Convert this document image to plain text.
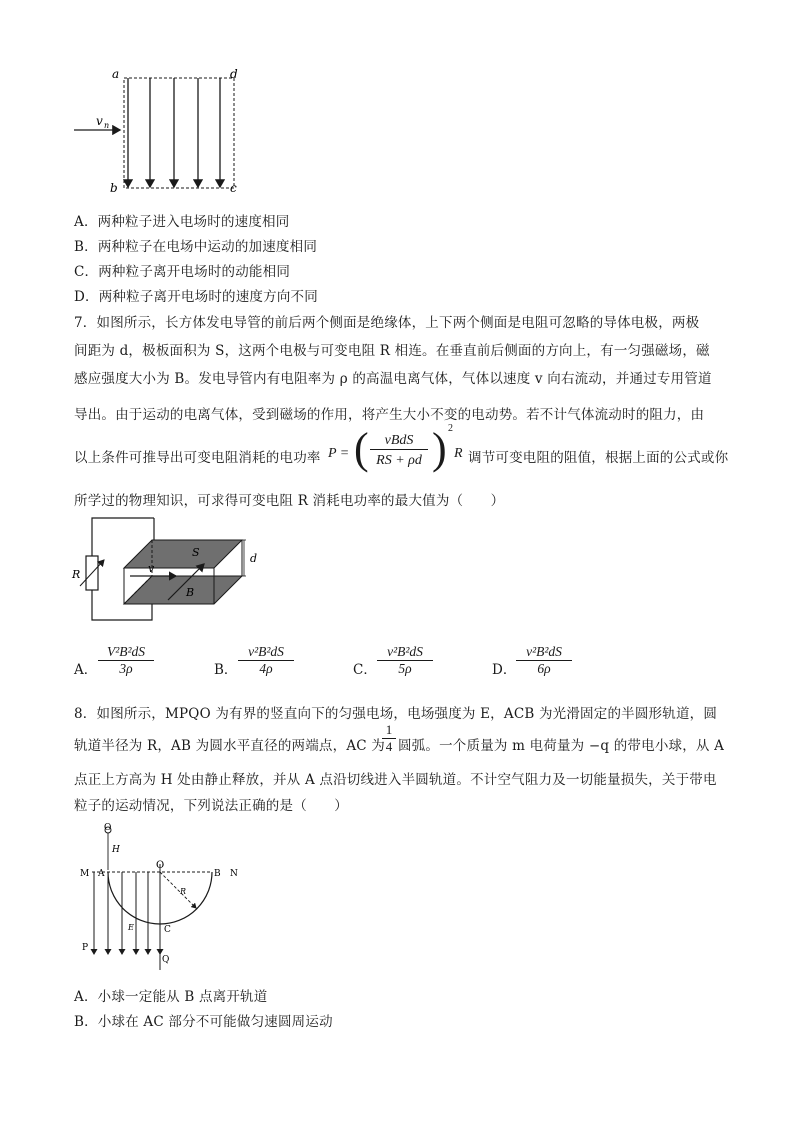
a	d
b	c
v n
A．两种粒子进入电场时的速度相同
B．两种粒子在电场中运动的加速度相同
C．两种粒子离开电场时的动能相同
D．两种粒子离开电场时的速度方向不同
7．如图所示，长方体发电导管的前后两个侧面是绝缘体，上下两个侧面是电阻可忽略的导体电极，两极
间距为 d，极板面积为 S，这两个电极与可变电阻 R 相连。在垂直前后侧面的方向上，有一匀强磁场，磁
感应强度大小为 B。发电导管内有电阻率为 ρ 的高温电离气体，气体以速度 v 向右流动，并通过专用管道
导出。由于运动的电离气体，受到磁场的作用，将产生大小不变的电动势。若不计气体流动时的阻力，由
以上条件可推导出可变电阻消耗的电功率 P = (	vBdS
RS + ρd ) 2
R 调节可变电阻的阻值，根据上面的公式或你
所学过的物理知识，可求得可变电阻 R 消耗电功率的最大值为（　　）
R
S	d
v
B
A． $\frac{\text{V²B²dS}}{3\rho}$	B． $\frac{\text{v²B²dS}}{4\rho}$	C． $\frac{\text{v²B²dS}}{5\rho}$	D． $\frac{\text{v²B²dS}}{6\rho}$
8．如图所示，MPQO 为有界的竖直向下的匀强电场，电场强度为 E，ACB 为光滑固定的半圆形轨道，圆
轨道半径为 R，AB 为圆水平直径的两端点，AC 为
$\frac{1}{4}$ 圆弧。一个质量为 m 电荷量为 −q 的带电小球，从 A
点正上方高为 H 处由静止释放，并从 A 点沿切线进入半圆轨道。不计空气阻力及一切能量损失，关于带电
粒子的运动情况，下列说法正确的是（　　）
O
H
M A
O
B N
R
E	C
P
Q
A．小球一定能从 B 点离开轨道
B．小球在 AC 部分不可能做匀速圆周运动
